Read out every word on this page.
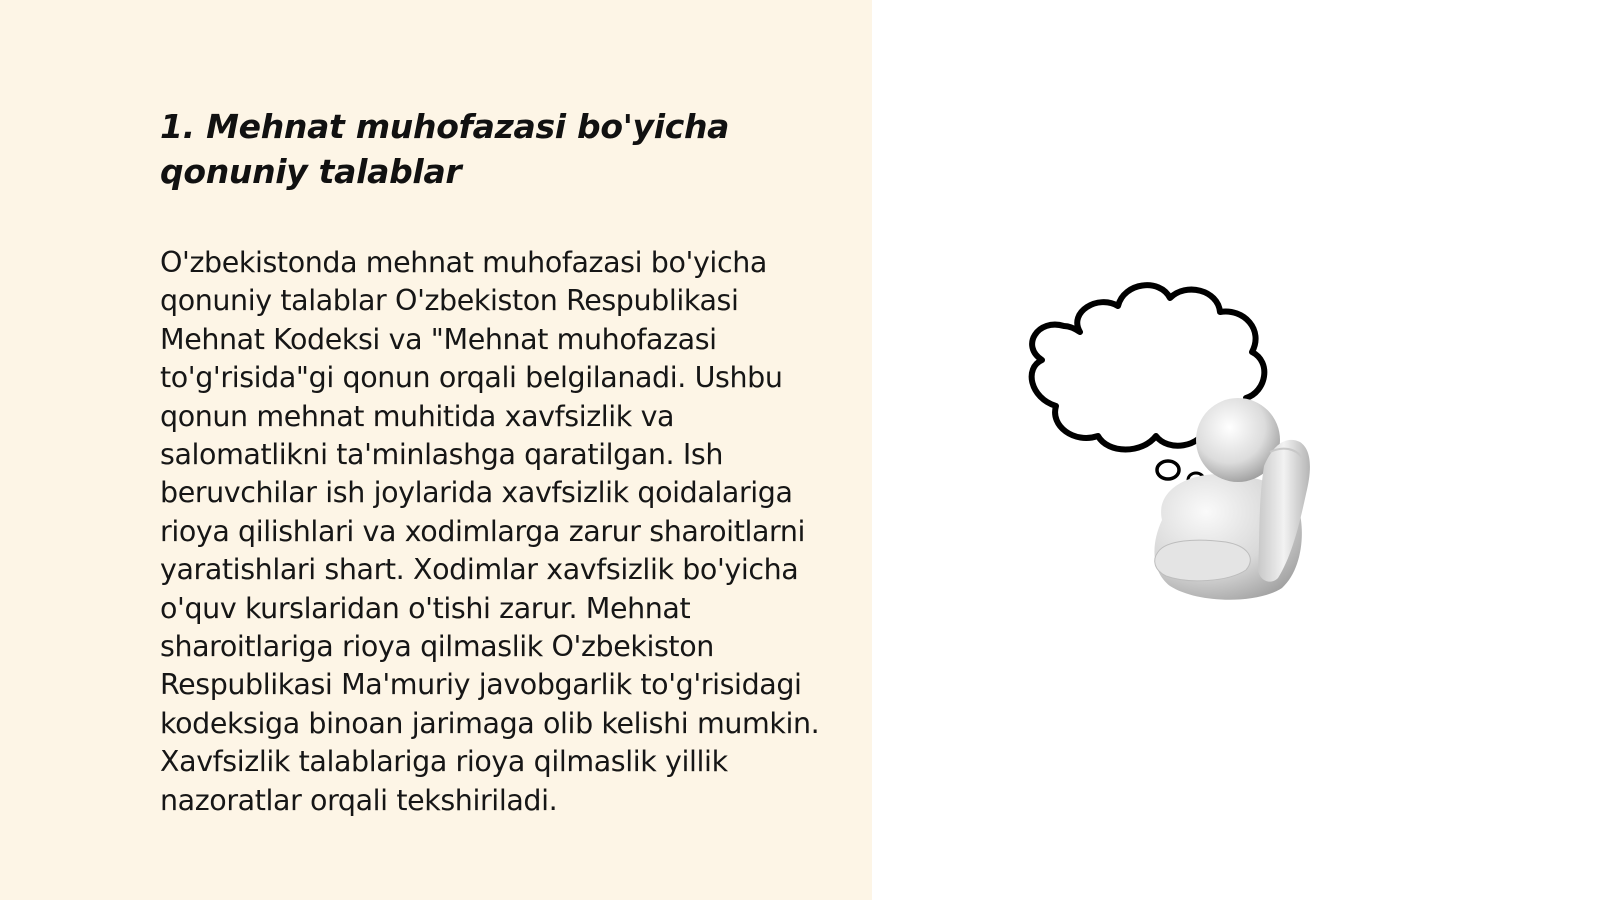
1. Mehnat muhofazasi bo'yicha qonuniy talablar

O'zbekistonda mehnat muhofazasi bo'yicha qonuniy talablar O'zbekiston Respublikasi Mehnat Kodeksi va "Mehnat muhofazasi to'g'risida"gi qonun orqali belgilanadi. Ushbu qonun mehnat muhitida xavfsizlik va salomatlikni ta'minlashga qaratilgan. Ish beruvchilar ish joylarida xavfsizlik qoidalariga rioya qilishlari va xodimlarga zarur sharoitlarni yaratishlari shart. Xodimlar xavfsizlik bo'yicha o'quv kurslaridan o'tishi zarur. Mehnat sharoitlariga rioya qilmaslik O'zbekiston Respublikasi Ma'muriy javobgarlik to'g'risidagi kodeksiga binoan jarimaga olib kelishi mumkin. Xavfsizlik talablariga rioya qilmaslik yillik nazoratlar orqali tekshiriladi.
